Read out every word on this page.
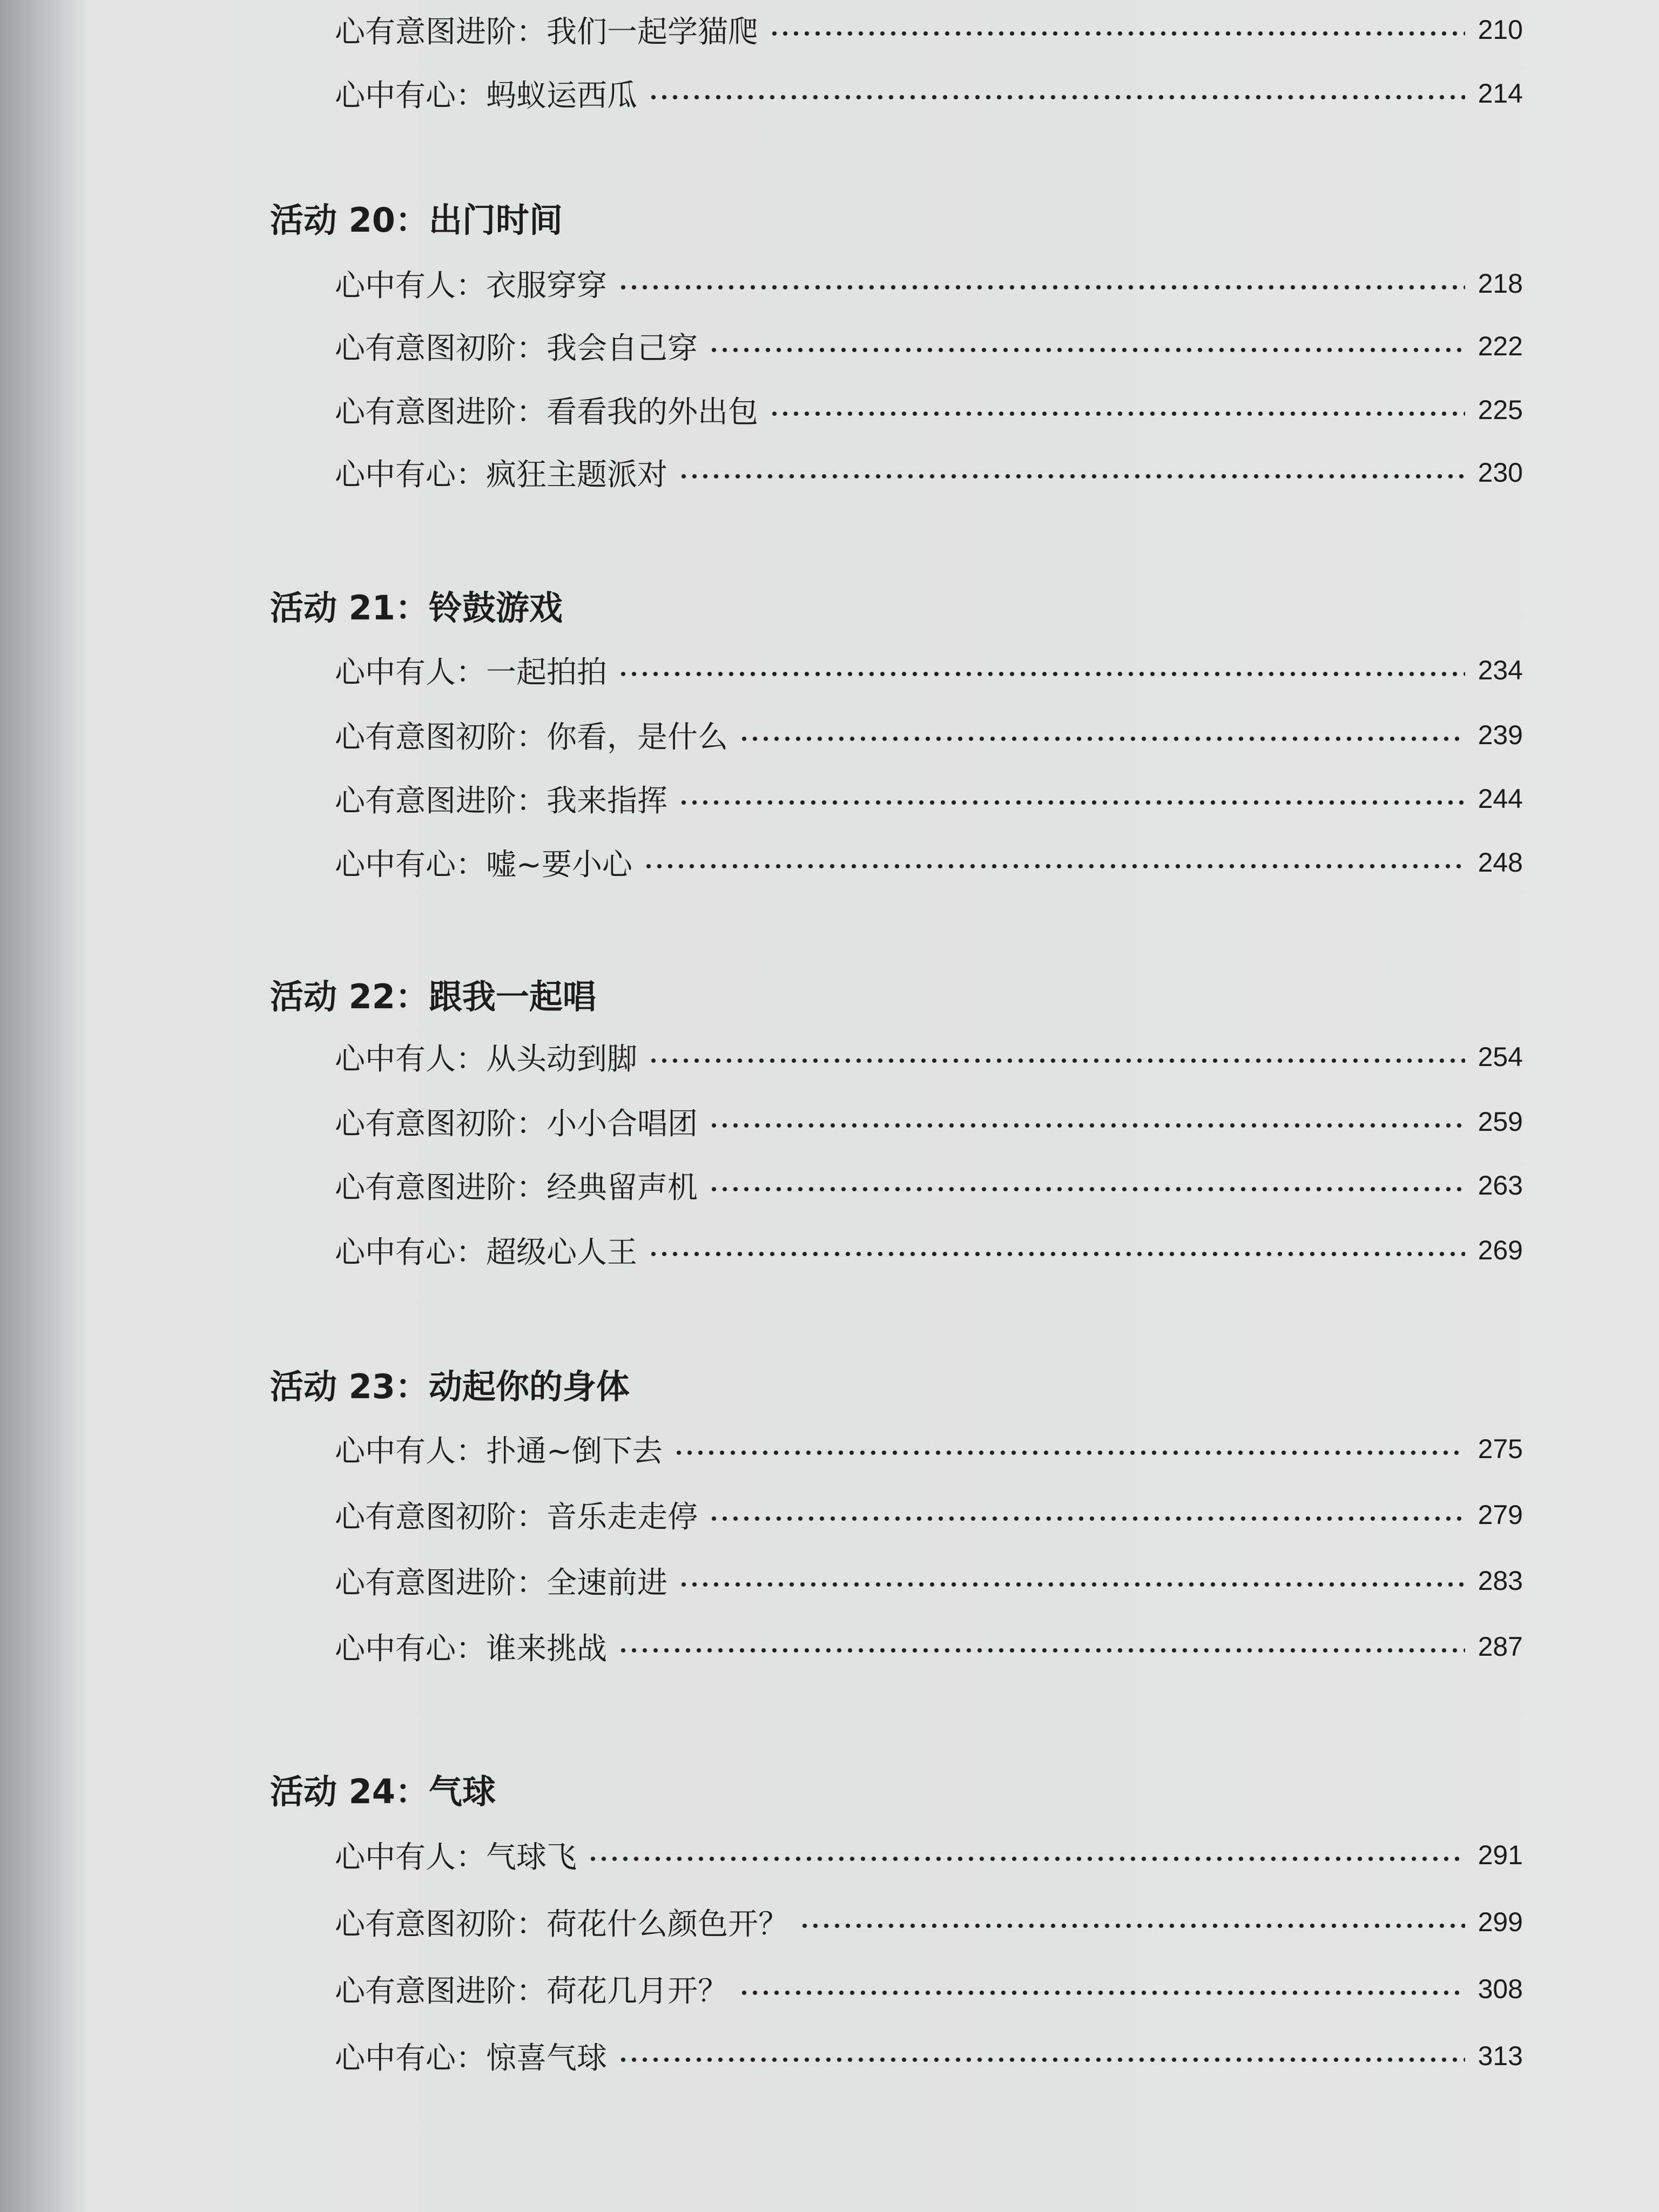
心有意图进阶：我们一起学猫爬	210
心中有心：蚂蚁运西瓜	214
活动 20：出门时间
心中有人：衣服穿穿	218
心有意图初阶：我会自己穿	222
心有意图进阶：看看我的外出包	225
心中有心：疯狂主题派对	230
活动 21：铃鼓游戏
心中有人：一起拍拍	234
心有意图初阶：你看，是什么	239
心有意图进阶：我来指挥	244
心中有心：嘘~要小心	248
活动 22：跟我一起唱
心中有人：从头动到脚	254
心有意图初阶：小小合唱团	259
心有意图进阶：经典留声机	263
心中有心：超级心人王	269
活动 23：动起你的身体
心中有人：扑通~倒下去	275
心有意图初阶：音乐走走停	279
心有意图进阶：全速前进	283
心中有心：谁来挑战	287
活动 24：气球
心中有人：气球飞	291
心有意图初阶：荷花什么颜色开？	299
心有意图进阶：荷花几月开？	308
心中有心：惊喜气球	313
